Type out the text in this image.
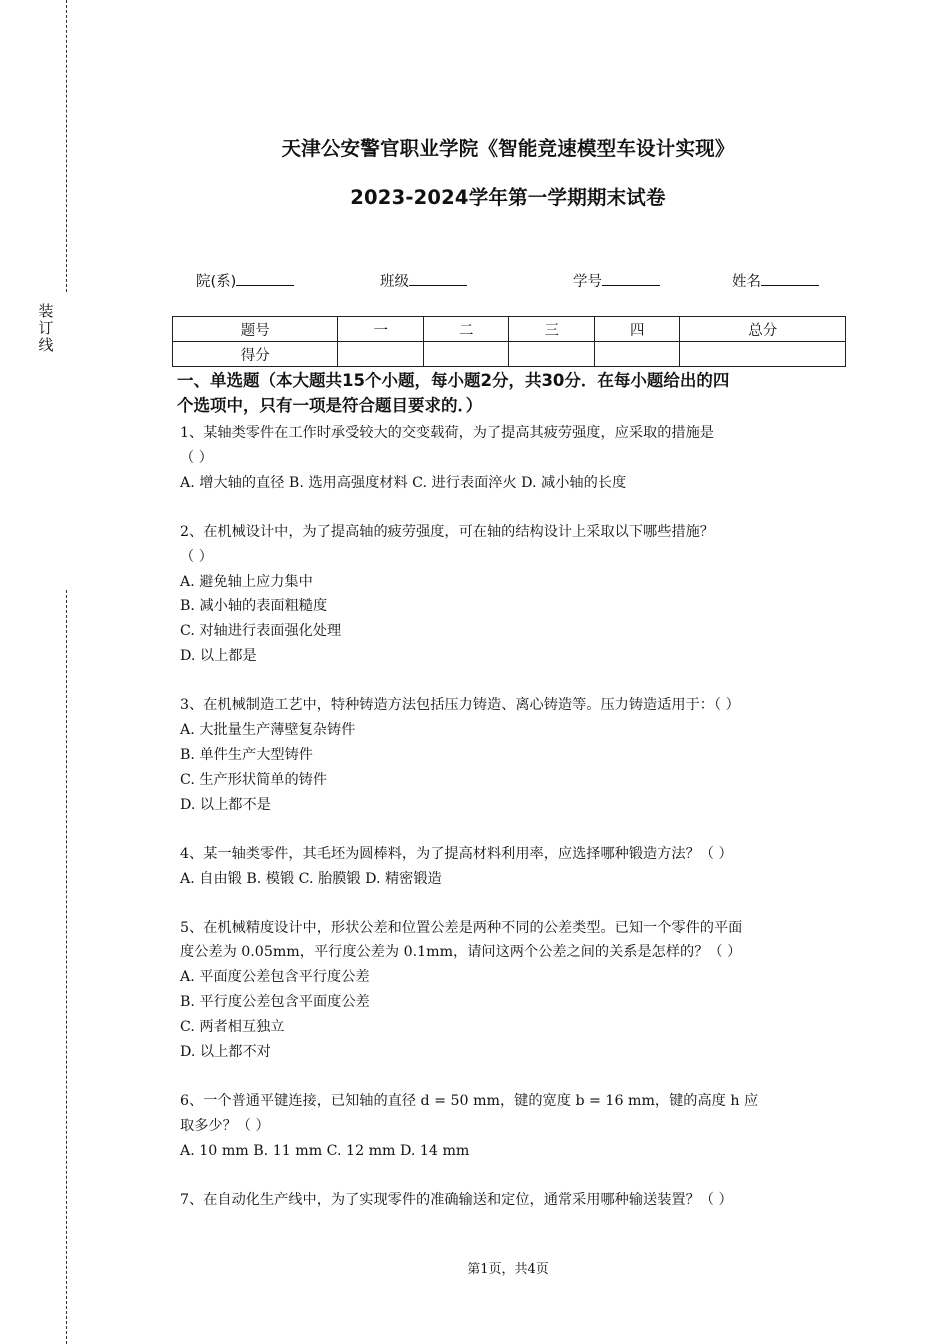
装
订
线
天津公安警官职业学院《智能竞速模型车设计实现》
2023-2024学年第一学期期末试卷
院(系)	班级	学号	姓名
题号	一	二	三	四	总分
得分					
一、单选题（本大题共15个小题，每小题2分，共30分．在每小题给出的四
个选项中，只有一项是符合题目要求的．）
1、某轴类零件在工作时承受较大的交变载荷，为了提高其疲劳强度，应采取的措施是
（ ）
A. 增大轴的直径 B. 选用高强度材料 C. 进行表面淬火 D. 减小轴的长度
2、在机械设计中，为了提高轴的疲劳强度，可在轴的结构设计上采取以下哪些措施？
（ ）
A. 避免轴上应力集中
B. 减小轴的表面粗糙度
C. 对轴进行表面强化处理
D. 以上都是
3、在机械制造工艺中，特种铸造方法包括压力铸造、离心铸造等。压力铸造适用于：（ ）
A. 大批量生产薄壁复杂铸件
B. 单件生产大型铸件
C. 生产形状简单的铸件
D. 以上都不是
4、某一轴类零件，其毛坯为圆棒料，为了提高材料利用率，应选择哪种锻造方法？（ ）
A. 自由锻 B. 模锻 C. 胎膜锻 D. 精密锻造
5、在机械精度设计中，形状公差和位置公差是两种不同的公差类型。已知一个零件的平面
度公差为 0.05mm，平行度公差为 0.1mm，请问这两个公差之间的关系是怎样的？（ ）
A. 平面度公差包含平行度公差
B. 平行度公差包含平面度公差
C. 两者相互独立
D. 以上都不对
6、一个普通平键连接，已知轴的直径 d = 50 mm，键的宽度 b = 16 mm，键的高度 h 应
取多少？（ ）
A. 10 mm B. 11 mm C. 12 mm D. 14 mm
7、在自动化生产线中，为了实现零件的准确输送和定位，通常采用哪种输送装置？（ ）
第1页，共4页
